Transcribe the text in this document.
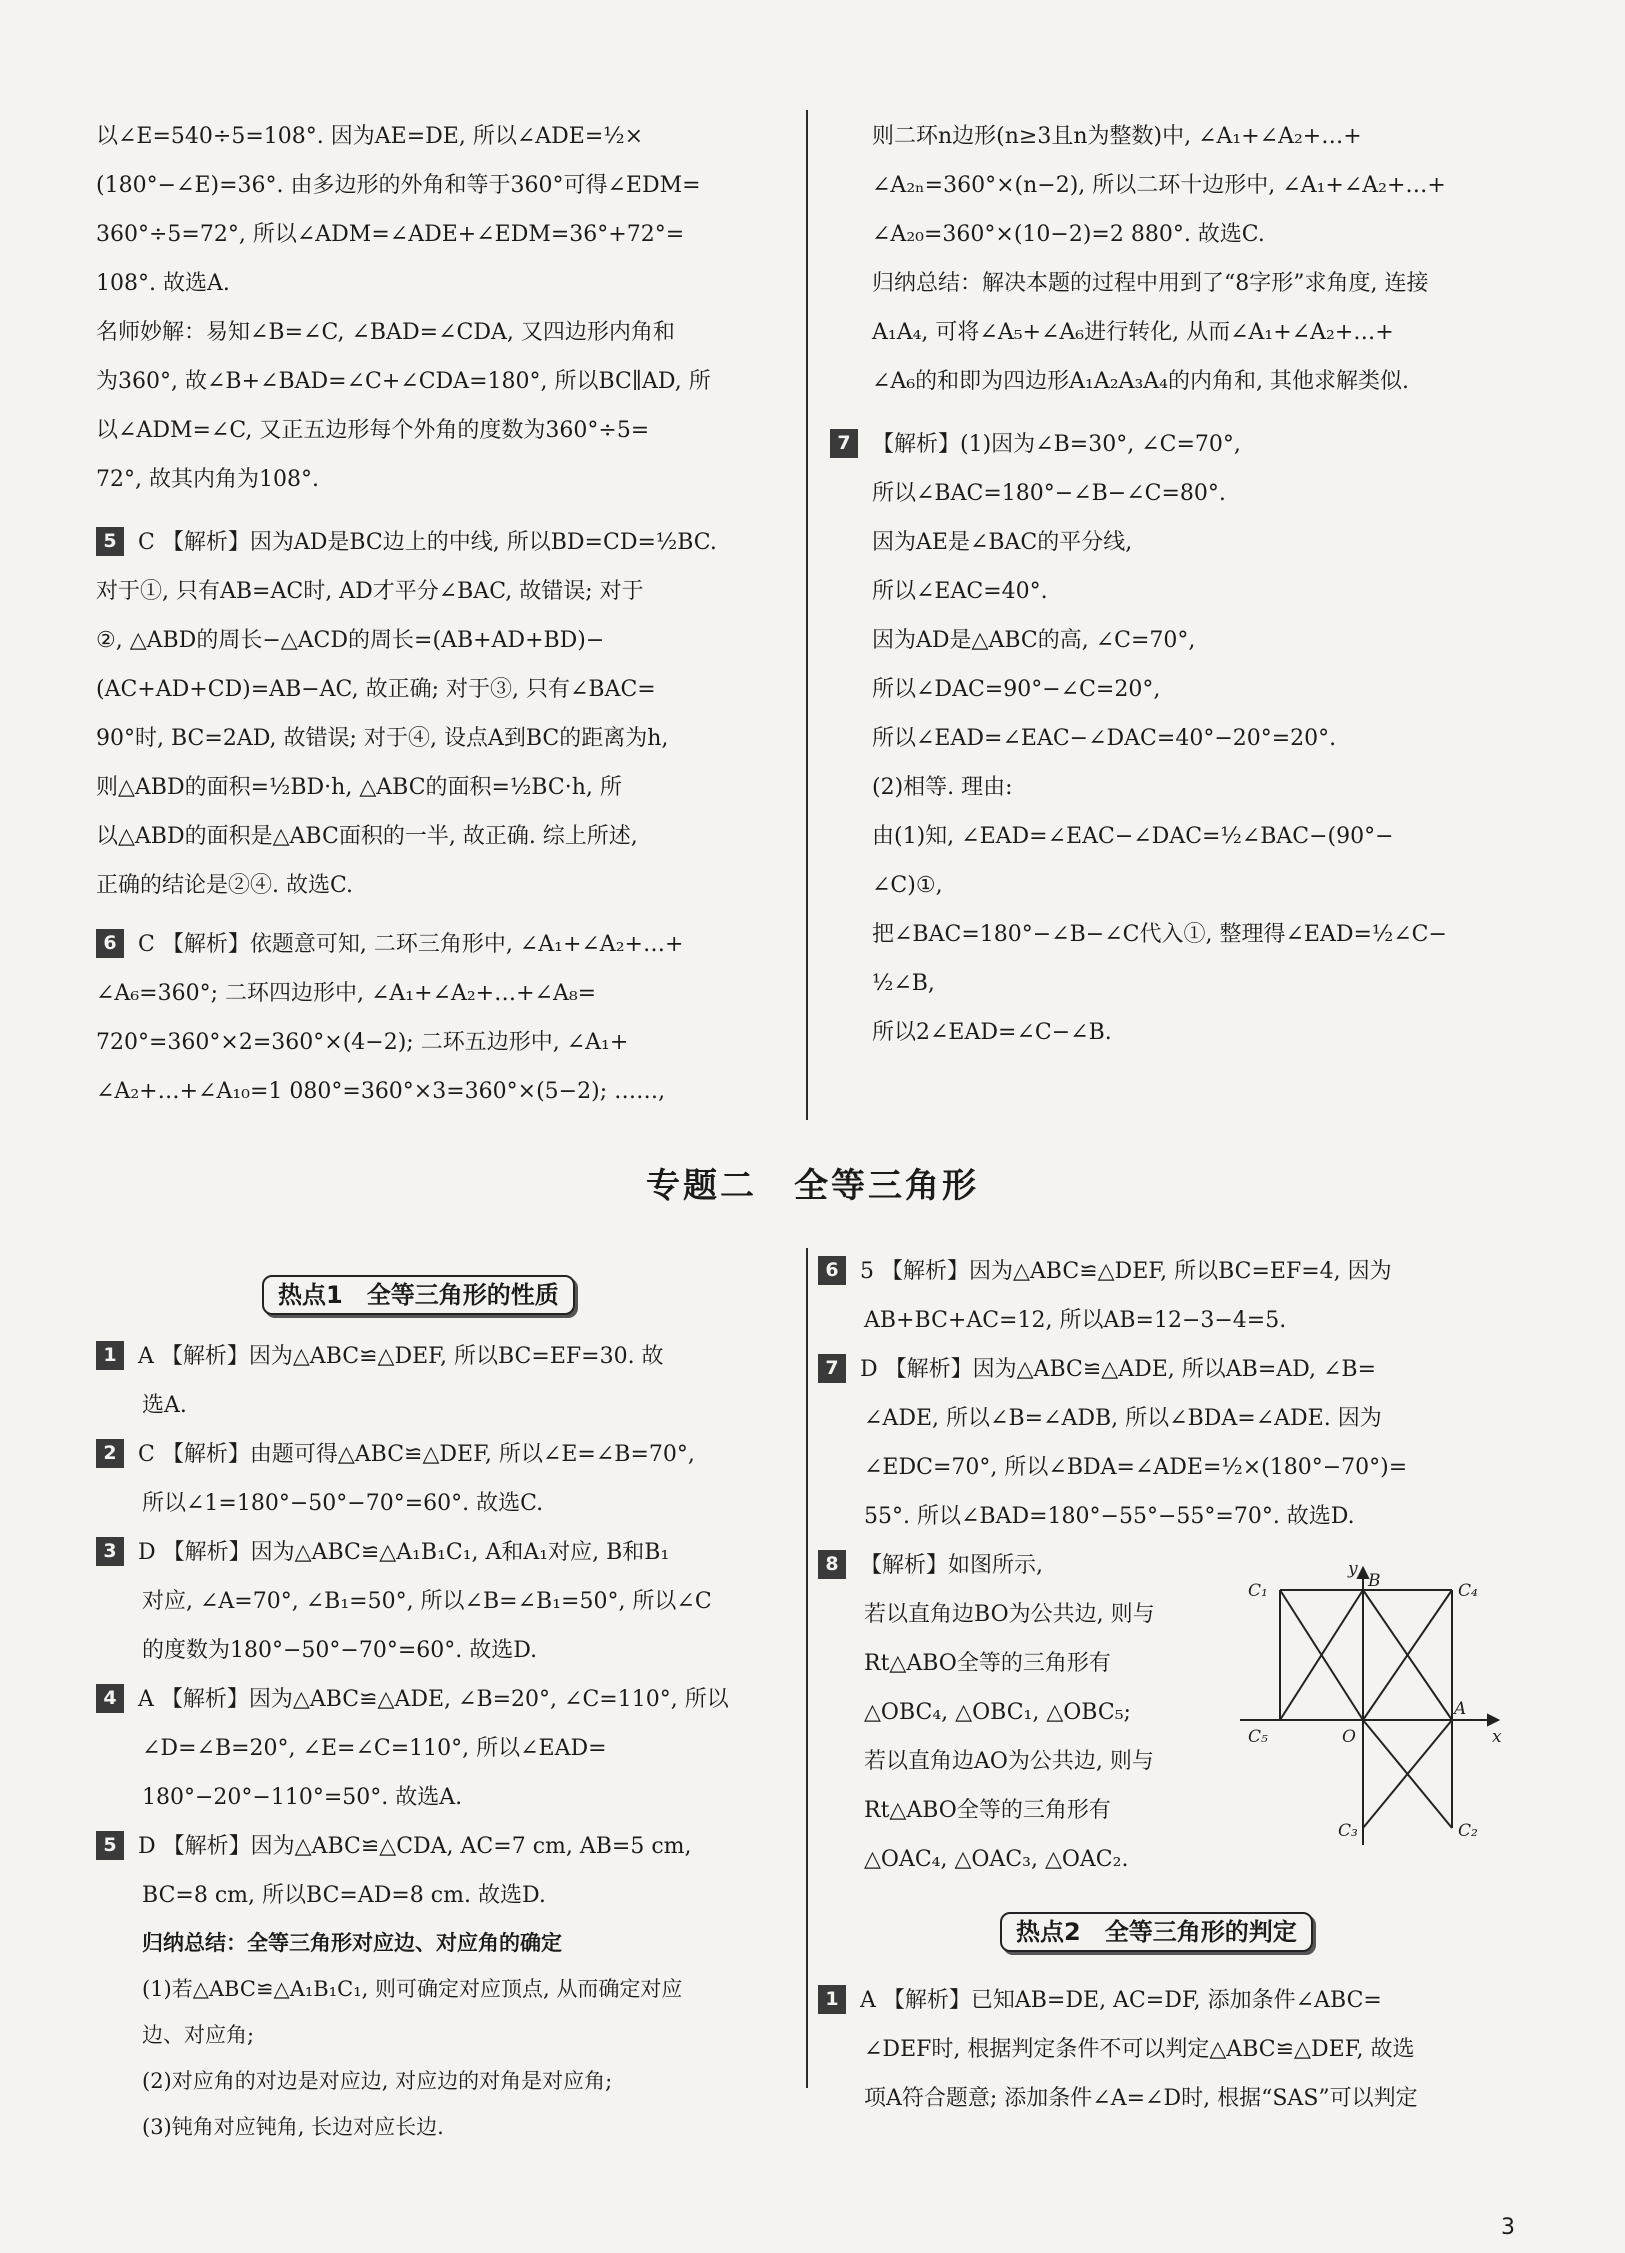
以∠E=540÷5=108°. 因为AE=DE, 所以∠ADE=½×

(180°−∠E)=36°. 由多边形的外角和等于360°可得∠EDM=

360°÷5=72°, 所以∠ADM=∠ADE+∠EDM=36°+72°=

108°. 故选A.

名师妙解：易知∠B=∠C, ∠BAD=∠CDA, 又四边形内角和

为360°, 故∠B+∠BAD=∠C+∠CDA=180°, 所以BC∥AD, 所

以∠ADM=∠C, 又正五边形每个外角的度数为360°÷5=

72°, 故其内角为108°.

5 C 【解析】因为AD是BC边上的中线, 所以BD=CD=½BC.

对于①, 只有AB=AC时, AD才平分∠BAC, 故错误; 对于

②, △ABD的周长−△ACD的周长=(AB+AD+BD)−

(AC+AD+CD)=AB−AC, 故正确; 对于③, 只有∠BAC=

90°时, BC=2AD, 故错误; 对于④, 设点A到BC的距离为h,

则△ABD的面积=½BD·h, △ABC的面积=½BC·h, 所

以△ABD的面积是△ABC面积的一半, 故正确. 综上所述,

正确的结论是②④. 故选C.

6 C 【解析】依题意可知, 二环三角形中, ∠A₁+∠A₂+…+

∠A₆=360°; 二环四边形中, ∠A₁+∠A₂+…+∠A₈=

720°=360°×2=360°×(4−2); 二环五边形中, ∠A₁+

∠A₂+…+∠A₁₀=1 080°=360°×3=360°×(5−2); ……,

则二环n边形(n≥3且n为整数)中, ∠A₁+∠A₂+…+

∠A₂ₙ=360°×(n−2), 所以二环十边形中, ∠A₁+∠A₂+…+

∠A₂₀=360°×(10−2)=2 880°. 故选C.

归纳总结：解决本题的过程中用到了“8字形”求角度, 连接

A₁A₄, 可将∠A₅+∠A₆进行转化, 从而∠A₁+∠A₂+…+

∠A₆的和即为四边形A₁A₂A₃A₄的内角和, 其他求解类似.

7 【解析】(1)因为∠B=30°, ∠C=70°,

所以∠BAC=180°−∠B−∠C=80°.

因为AE是∠BAC的平分线,

所以∠EAC=40°.

因为AD是△ABC的高, ∠C=70°,

所以∠DAC=90°−∠C=20°,

所以∠EAD=∠EAC−∠DAC=40°−20°=20°.

(2)相等. 理由:

由(1)知, ∠EAD=∠EAC−∠DAC=½∠BAC−(90°−

∠C)①,

把∠BAC=180°−∠B−∠C代入①, 整理得∠EAD=½∠C−

½∠B,

所以2∠EAD=∠C−∠B.

专题二　全等三角形
热点1　全等三角形的性质

1 A 【解析】因为△ABC≌△DEF, 所以BC=EF=30. 故

选A.

2 C 【解析】由题可得△ABC≌△DEF, 所以∠E=∠B=70°,

所以∠1=180°−50°−70°=60°. 故选C.

3 D 【解析】因为△ABC≌△A₁B₁C₁, A和A₁对应, B和B₁

对应, ∠A=70°, ∠B₁=50°, 所以∠B=∠B₁=50°, 所以∠C

的度数为180°−50°−70°=60°. 故选D.

4 A 【解析】因为△ABC≌△ADE, ∠B=20°, ∠C=110°, 所以

∠D=∠B=20°, ∠E=∠C=110°, 所以∠EAD=

180°−20°−110°=50°. 故选A.

5 D 【解析】因为△ABC≌△CDA, AC=7 cm, AB=5 cm,

BC=8 cm, 所以BC=AD=8 cm. 故选D.

归纳总结：全等三角形对应边、对应角的确定

(1)若△ABC≌△A₁B₁C₁, 则可确定对应顶点, 从而确定对应

边、对应角;

(2)对应角的对边是对应边, 对应边的对角是对应角;

(3)钝角对应钝角, 长边对应长边.

6 5 【解析】因为△ABC≌△DEF, 所以BC=EF=4, 因为

AB+BC+AC=12, 所以AB=12−3−4=5.

7 D 【解析】因为△ABC≌△ADE, 所以AB=AD, ∠B=

∠ADE, 所以∠B=∠ADB, 所以∠BDA=∠ADE. 因为

∠EDC=70°, 所以∠BDA=∠ADE=½×(180°−70°)=

55°. 所以∠BAD=180°−55°−55°=70°. 故选D.

8 【解析】如图所示,

若以直角边BO为公共边, 则与

Rt△ABO全等的三角形有

△OBC₄, △OBC₁, △OBC₅;

若以直角边AO为公共边, 则与

Rt△ABO全等的三角形有

△OAC₄, △OAC₃, △OAC₂.

1 A 【解析】已知AB=DE, AC=DF, 添加条件∠ABC=

∠DEF时, 根据判定条件不可以判定△ABC≌△DEF, 故选

项A符合题意; 添加条件∠A=∠D时, 根据“SAS”可以判定

热点2　全等三角形的判定
y
B
C₁	C₄
C₅	O
A
x
C₃	C₂
3
